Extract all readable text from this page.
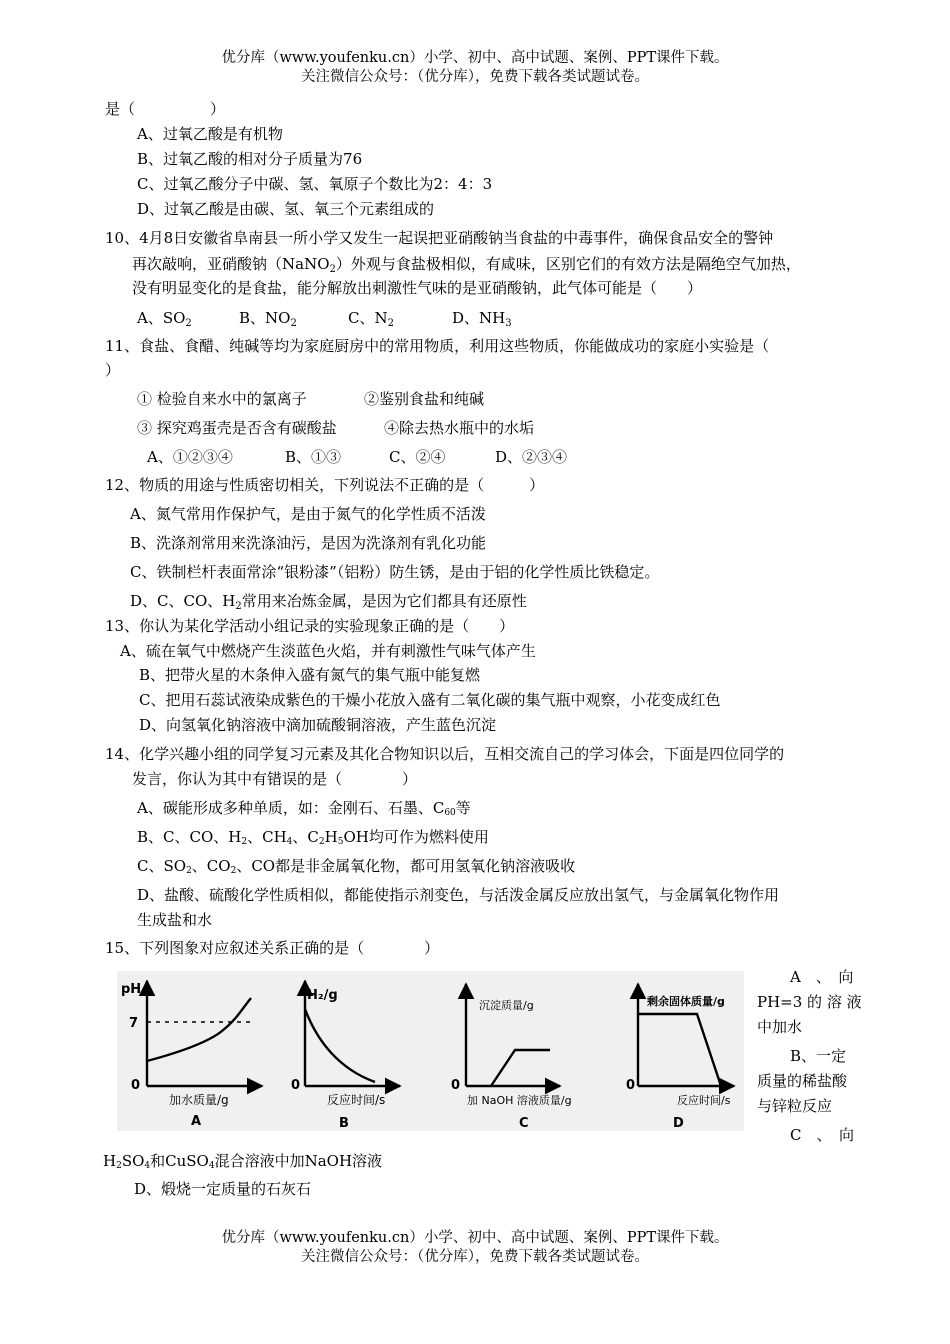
优分库（www.youfenku.cn）小学、初中、高中试题、案例、PPT课件下载。
关注微信公众号：（优分库），免费下载各类试题试卷。
是（　　　　　）
A、过氧乙酸是有机物
B、过氧乙酸的相对分子质量为76
C、过氧乙酸分子中碳、氢、氧原子个数比为2：4：3
D、过氧乙酸是由碳、氢、氧三个元素组成的
10、4月8日安徽省阜南县一所小学又发生一起误把亚硝酸钠当食盐的中毒事件，确保食品安全的警钟
再次敲响，亚硝酸钠（NaNO$_2$）外观与食盐极相似，有咸味，区别它们的有效方法是隔绝空气加热，
没有明显变化的是食盐，能分解放出刺激性气味的是亚硝酸钠，此气体可能是（　　）
A、$SO_2$	B、$NO_2$	C、$N_2$	D、$NH_3$
11、食盐、食醋、纯碱等均为家庭厨房中的常用物质，利用这些物质，你能做成功的家庭小实验是（
）
① 检验自来水中的氯离子	②鉴别食盐和纯碱
③ 探究鸡蛋壳是否含有碳酸盐	④除去热水瓶中的水垢
A、①②③④	B、①③	C、②④	D、②③④
12、物质的用途与性质密切相关，下列说法不正确的是（　　　）
A、氮气常用作保护气，是由于氮气的化学性质不活泼
B、洗涤剂常用来洗涤油污，是因为洗涤剂有乳化功能
C、铁制栏杆表面常涂“银粉漆”（铝粉）防生锈，是由于铝的化学性质比铁稳定。
D、C、CO、$H_2$常用来冶炼金属，是因为它们都具有还原性
13、你认为某化学活动小组记录的实验现象正确的是（　　）
A、硫在氧气中燃烧产生淡蓝色火焰，并有刺激性气味气体产生
B、把带火星的木条伸入盛有氮气的集气瓶中能复燃
C、把用石蕊试液染成紫色的干燥小花放入盛有二氧化碳的集气瓶中观察，小花变成红色
D、向氢氧化钠溶液中滴加硫酸铜溶液，产生蓝色沉淀
14、化学兴趣小组的同学复习元素及其化合物知识以后，互相交流自己的学习体会，下面是四位同学的
发言，你认为其中有错误的是（　　　　）
A、碳能形成多种单质，如：金刚石、石墨、C60等
B、C、CO、H2、CH4、C2H5OH均可作为燃料使用
C、SO2、CO2、CO都是非金属氧化物，都可用氢氧化钠溶液吸收
D、盐酸、硫酸化学性质相似，都能使指示剂变色，与活泼金属反应放出氢气，与金属氧化物作用
生成盐和水
15、下列图象对应叙述关系正确的是（　　　　）
pH
7
0
加水质量/g
A
H₂/g
0
反应时间/s
B
沉淀质量/g
0
加 NaOH 溶液质量/g
C
剩余固体质量/g
0
反应时间/s
D
A　、　向
PH=3 的 溶 液
中加水
B、一定
质量的稀盐酸
与锌粒反应
C　、　向
H2SO4和CuSO4混合溶液中加NaOH溶液
D、煅烧一定质量的石灰石
优分库（www.youfenku.cn）小学、初中、高中试题、案例、PPT课件下载。
关注微信公众号：（优分库），免费下载各类试题试卷。
